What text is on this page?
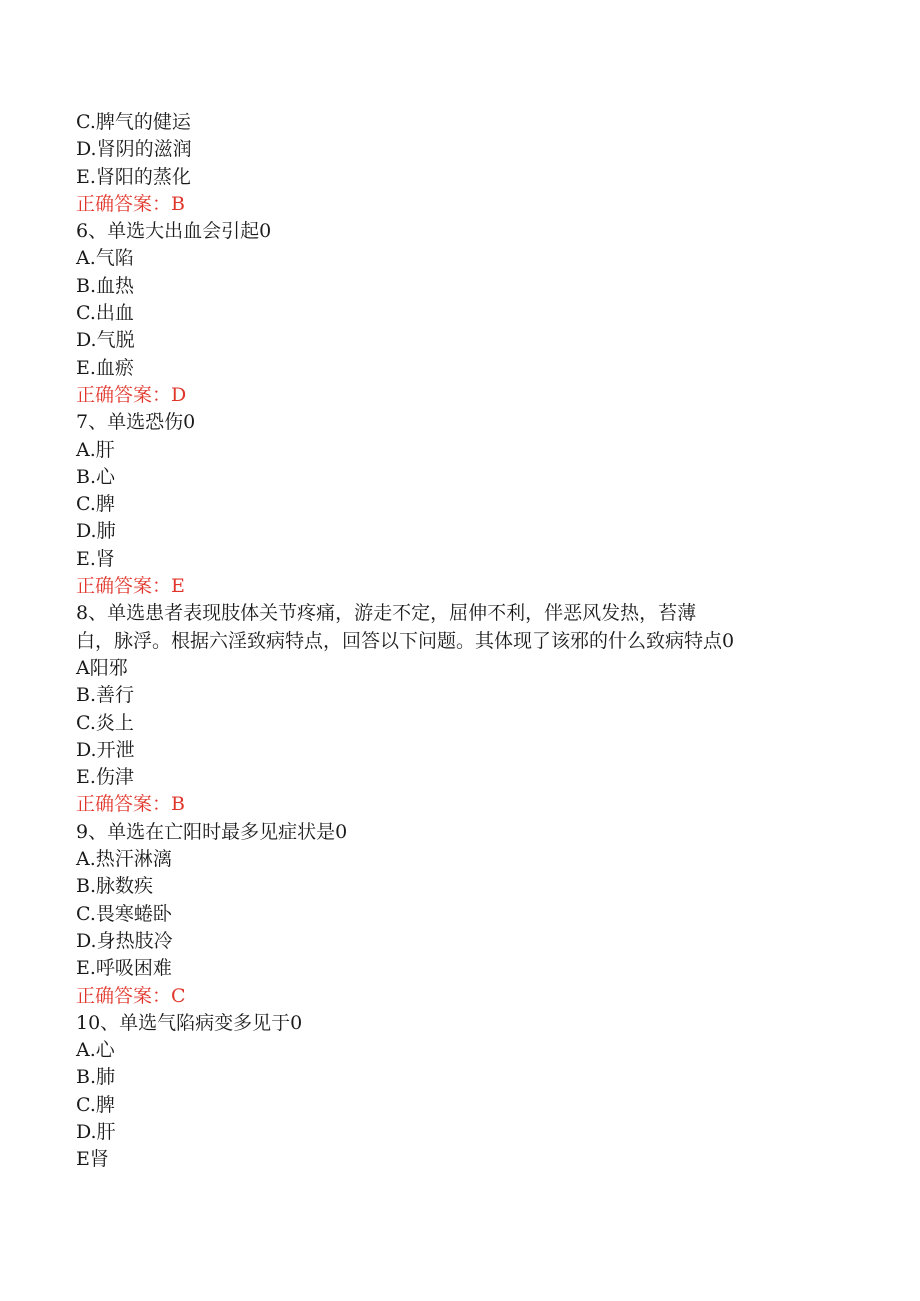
C.脾气的健运
D.肾阴的滋润
E.肾阳的蒸化
正确答案：B
6、单选大出血会引起0
A.气陷
B.血热
C.出血
D.气脱
E.血瘀
正确答案：D
7、单选恐伤0
A.肝
B.心
C.脾
D.肺
E.肾
正确答案：E
8、单选患者表现肢体关节疼痛，游走不定，屈伸不利，伴恶风发热，苔薄
白，脉浮。根据六淫致病特点，回答以下问题。其体现了该邪的什么致病特点0
A阳邪
B.善行
C.炎上
D.开泄
E.伤津
正确答案：B
9、单选在亡阳时最多见症状是0
A.热汗淋漓
B.脉数疾
C.畏寒蜷卧
D.身热肢冷
E.呼吸困难
正确答案：C
10、单选气陷病变多见于0
A.心
B.肺
C.脾
D.肝
E肾
